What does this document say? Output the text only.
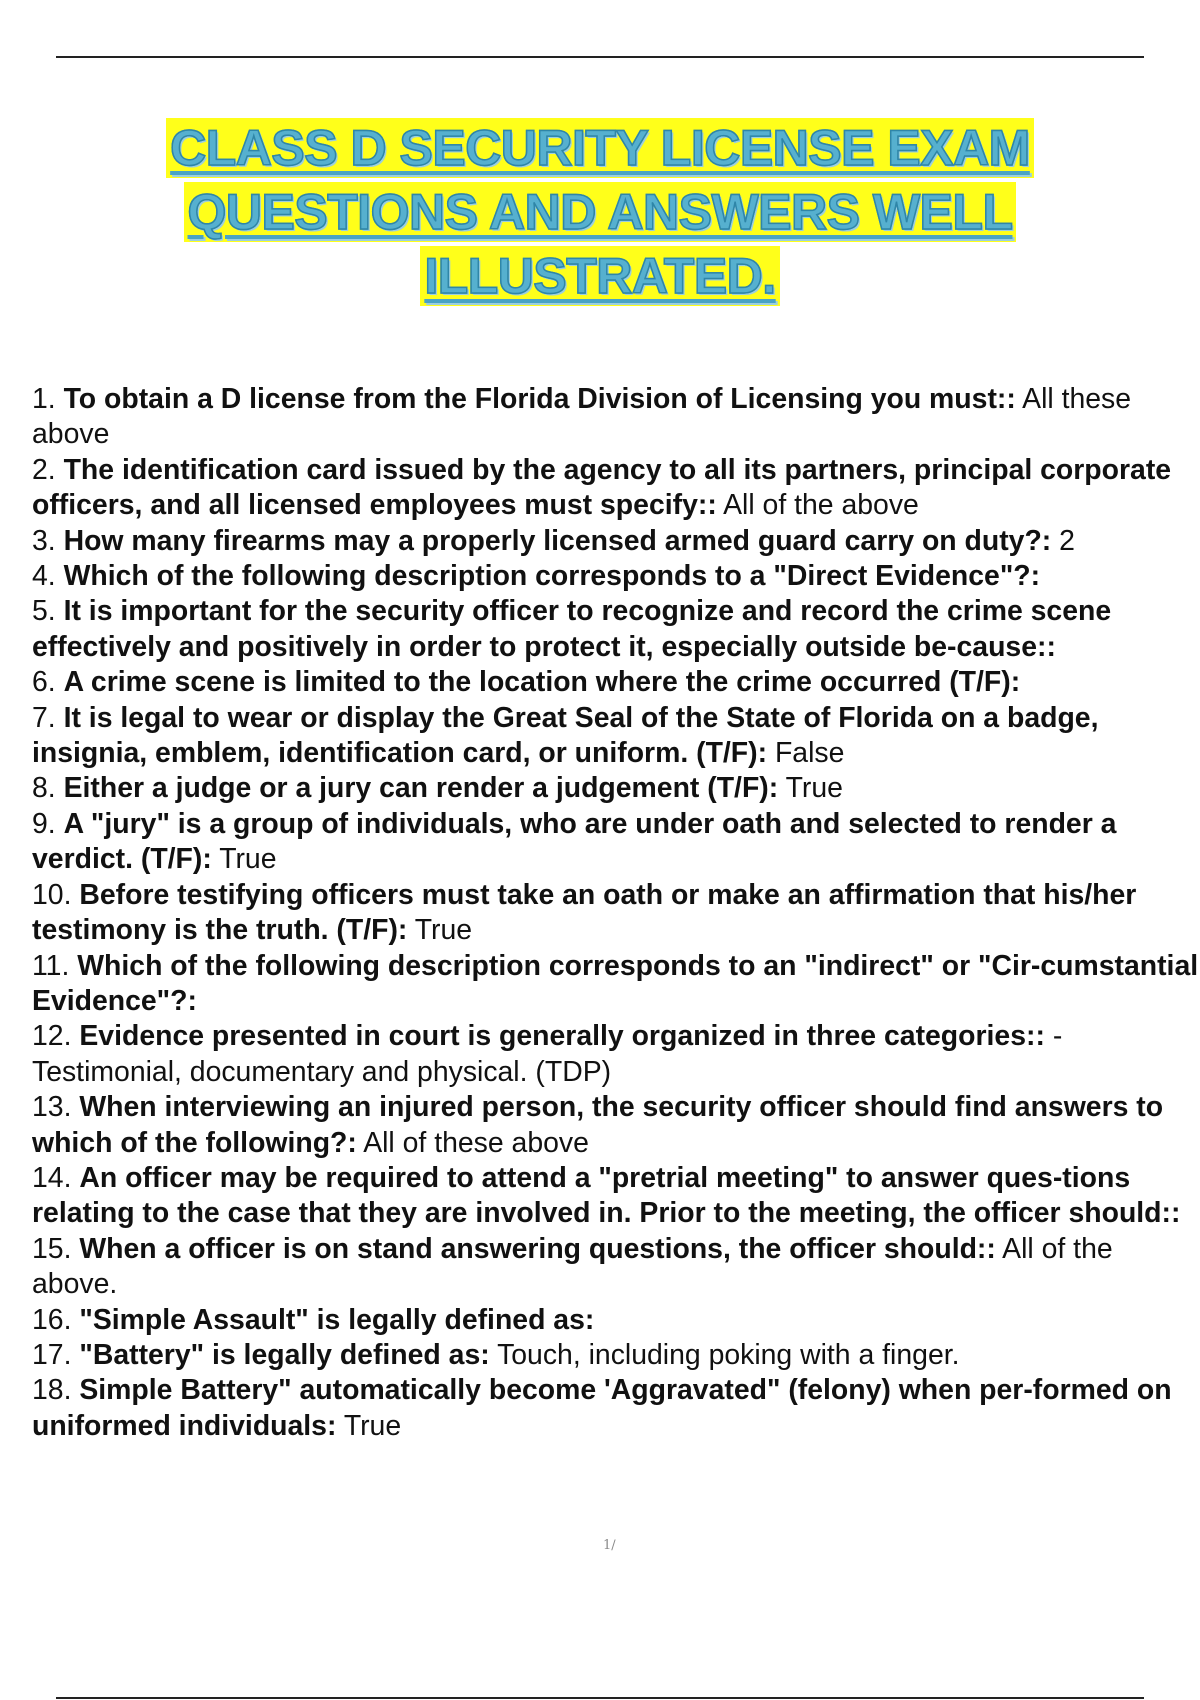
CLASS D SECURITY LICENSE EXAM
QUESTIONS AND ANSWERS WELL
ILLUSTRATED.
1. To obtain a D license from the Florida Division of Licensing you must:: All these above
2. The identification card issued by the agency to all its partners, principal corporate officers, and all licensed employees must specify:: All of the above
3. How many firearms may a properly licensed armed guard carry on duty?: 2
4. Which of the following description corresponds to a "Direct Evidence"?:
5. It is important for the security officer to recognize and record the crime scene effectively and positively in order to protect it, especially outside be-cause::
6. A crime scene is limited to the location where the crime occurred (T/F):
7. It is legal to wear or display the Great Seal of the State of Florida on a badge, insignia, emblem, identification card, or uniform. (T/F): False
8. Either a judge or a jury can render a judgement (T/F): True
9. A "jury" is a group of individuals, who are under oath and selected to render a verdict. (T/F): True
10. Before testifying officers must take an oath or make an affirmation that his/her testimony is the truth. (T/F): True
11. Which of the following description corresponds to an "indirect" or "Cir-cumstantial Evidence"?:
12. Evidence presented in court is generally organized in three categories:: -Testimonial, documentary and physical. (TDP)
13. When interviewing an injured person, the security officer should find answers to which of the following?: All of these above
14. An officer may be required to attend a "pretrial meeting" to answer ques-tions relating to the case that they are involved in. Prior to the meeting, the officer should::
15. When a officer is on stand answering questions, the officer should:: All of the above.
16. "Simple Assault" is legally defined as:
17. "Battery" is legally defined as: Touch, including poking with a finger.
18. Simple Battery" automatically become 'Aggravated" (felony) when per-formed on uniformed individuals: True
1/
